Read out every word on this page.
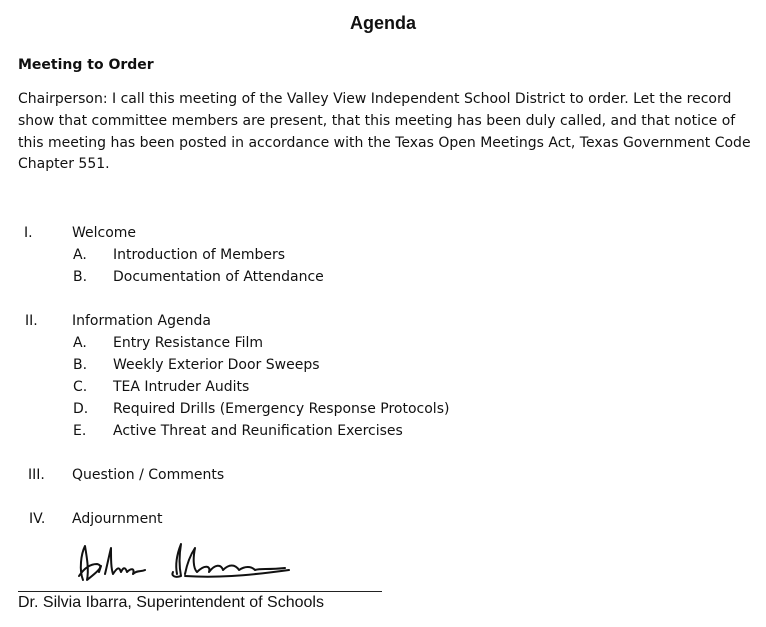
Agenda
Meeting to Order
Chairperson: I call this meeting of the Valley View Independent School District to order. Let the record show that committee members are present, that this meeting has been duly called, and that notice of this meeting has been posted in accordance with the Texas Open Meetings Act, Texas Government Code Chapter 551.
I.	Welcome
A. Introduction of Members
B. Documentation of Attendance
II. Information Agenda
A. Entry Resistance Film
B. Weekly Exterior Door Sweeps
C. TEA Intruder Audits
D. Required Drills (Emergency Response Protocols)
E. Active Threat and Reunification Exercises
III. Question / Comments
IV. Adjournment
Dr. Silvia Ibarra, Superintendent of Schools
